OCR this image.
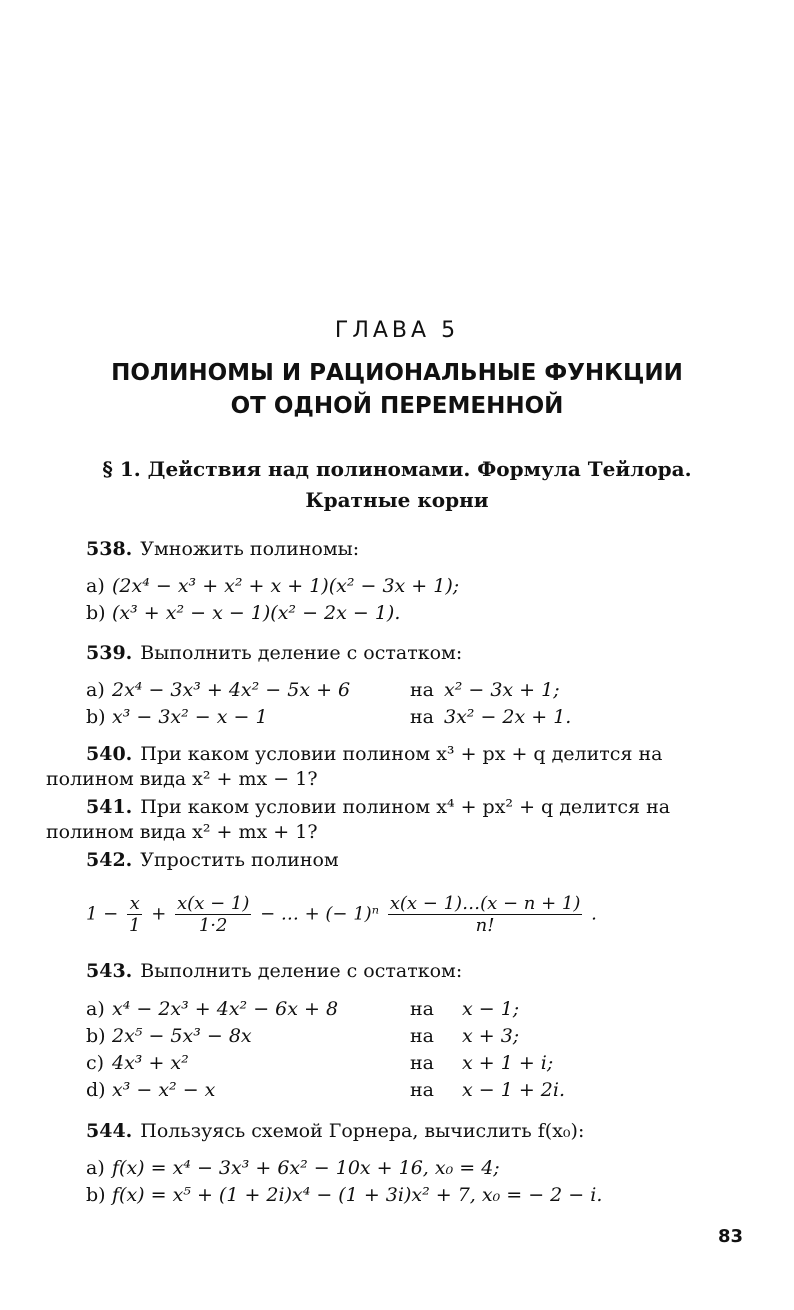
ГЛАВА 5
ПОЛИНОМЫ И РАЦИОНАЛЬНЫЕ ФУНКЦИИ
ОТ ОДНОЙ ПЕРЕМЕННОЙ
§ 1. Действия над полиномами. Формула Тейлора.
Кратные корни
538. Умножить полиномы:
a) (2x⁴ − x³ + x² + x + 1)(x² − 3x + 1);
b) (x³ + x² − x − 1)(x² − 2x − 1).
539. Выполнить деление с остатком:
a) 2x⁴ − 3x³ + 4x² − 5x + 6	на x² − 3x + 1;
b) x³ − 3x² − x − 1	на 3x² − 2x + 1.
540. При каком условии полином x³ + px + q делится на
полином вида x² + mx − 1?
541. При каком условии полином x⁴ + px² + q делится на
полином вида x² + mx + 1?
542. Упростить полином
$1 - \frac{x}{1} + \frac{x(x - 1)}{1\cdot 2}$ − … + (− $1)^n \frac{x(x - 1)\dots(x - n + 1)}{n!}$ .
543. Выполнить деление с остатком:
a) x⁴ − 2x³ + 4x² − 6x + 8	на x − 1;
b) 2x⁵ − 5x³ − 8x	на x + 3;
c) 4x³ + x²	на x + 1 + i;
d) x³ − x² − x	на x − 1 + 2i.
544. Пользуясь схемой Горнера, вычислить f(x₀):
a) f(x) = x⁴ − 3x³ + 6x² − 10x + 16, x₀ = 4;
b) f(x) = x⁵ + (1 + 2i)x⁴ − (1 + 3i)x² + 7, x₀ = − 2 − i.
83
